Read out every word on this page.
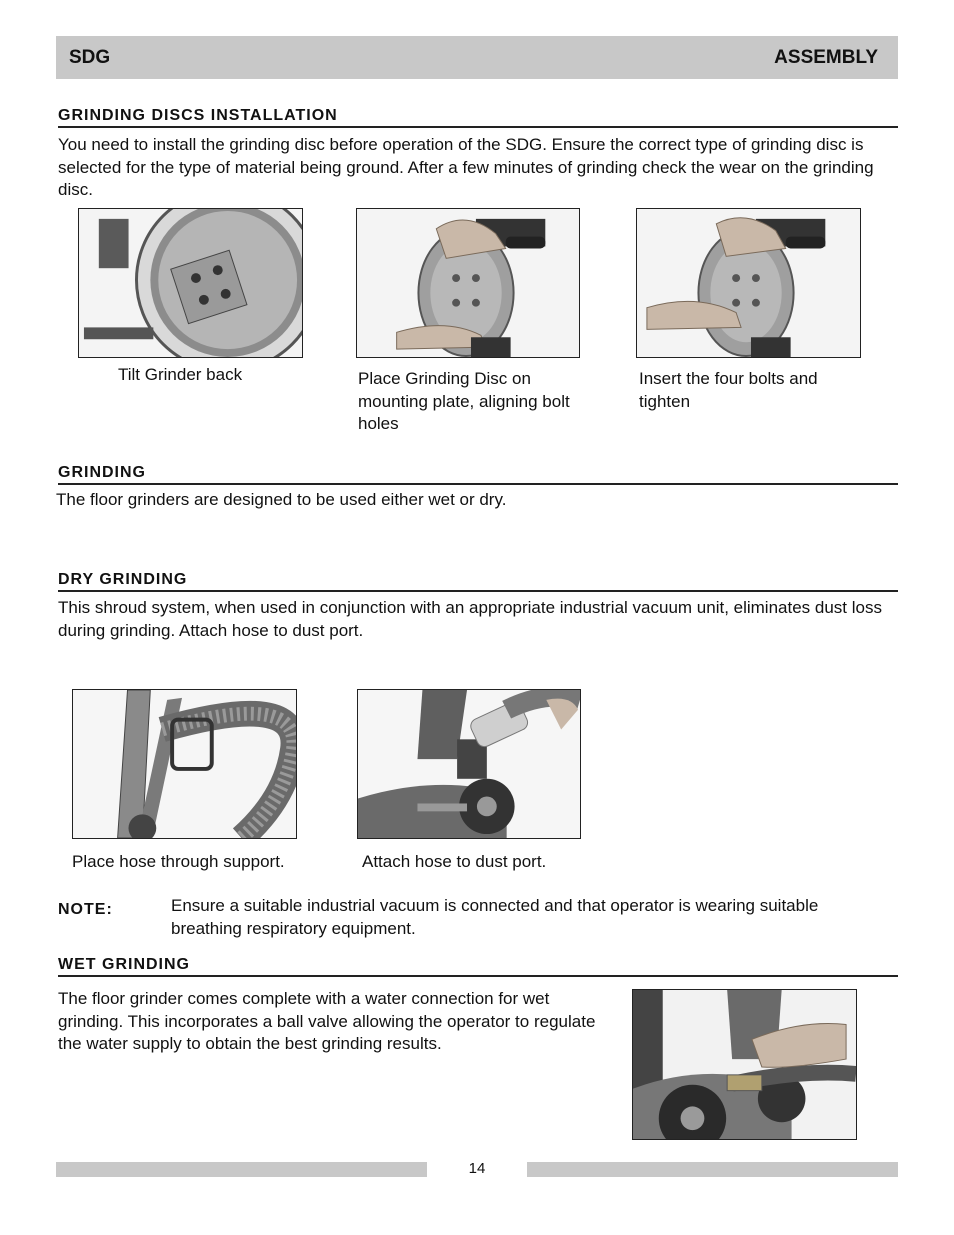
SDG	ASSEMBLY
GRINDING DISCS INSTALLATION
You need to install the grinding disc before operation of the SDG. Ensure the correct type of grinding disc is selected for the type of material being ground. After a few minutes of grinding check the wear on the grinding disc.
Tilt Grinder back	Place Grinding Disc on mounting plate, aligning bolt holes
Insert the four bolts and tighten
GRINDING
The floor grinders are designed to be used either wet or dry.
DRY GRINDING
This shroud system, when used in conjunction with an appropriate industrial vacuum unit, eliminates dust loss during grinding. Attach hose to dust port.
Place hose through support.	Attach hose to dust port.
NOTE:	Ensure a suitable industrial vacuum is connected and that operator is wearing suitable breathing respiratory equipment.
WET GRINDING
The floor grinder comes complete with a water connection for wet grinding. This incorporates a ball valve allowing the operator to regulate the water supply to obtain the best grinding results.
14
